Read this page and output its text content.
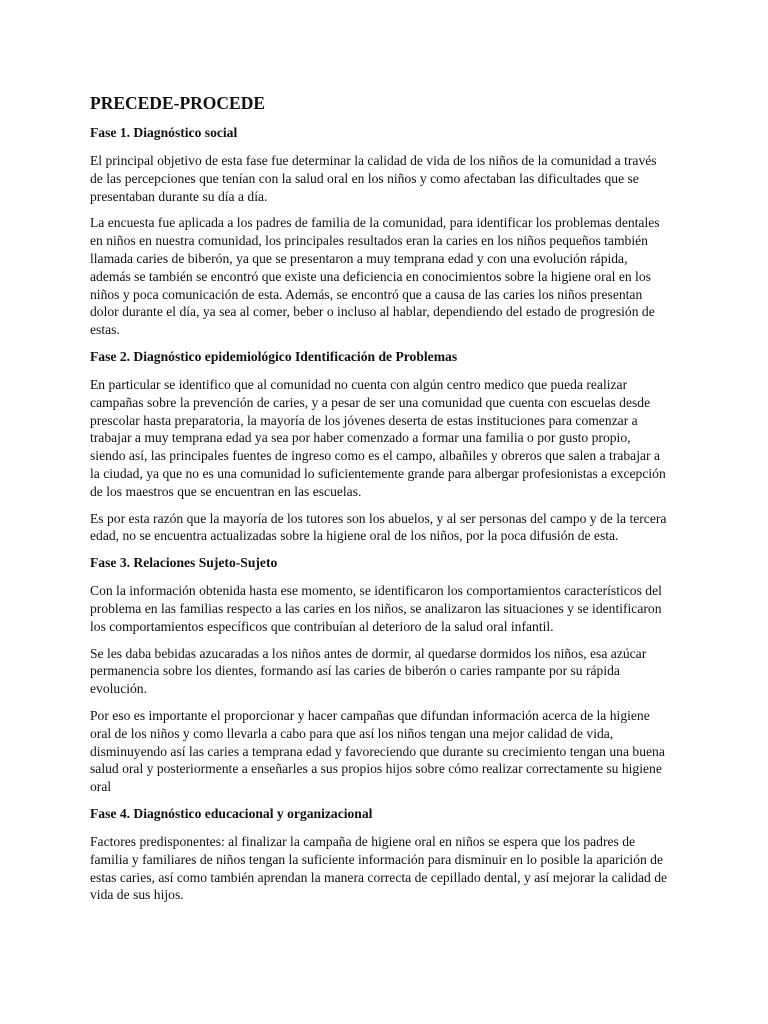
PRECEDE-PROCEDE
Fase 1. Diagnóstico social

El principal objetivo de esta fase fue determinar la calidad de vida de los niños de la comunidad a través
de las percepciones que tenían con la salud oral en los niños y como afectaban las dificultades que se
presentaban durante su día a día.

La encuesta fue aplicada a los padres de familia de la comunidad, para identificar los problemas dentales
en niños en nuestra comunidad, los principales resultados eran la caries en los niños pequeños también
llamada caries de biberón, ya que se presentaron a muy temprana edad y con una evolución rápida,
además se también se encontró que existe una deficiencia en conocimientos sobre la higiene oral en los
niños y poca comunicación de esta. Además, se encontró que a causa de las caries los niños presentan
dolor durante el día, ya sea al comer, beber o incluso al hablar, dependiendo del estado de progresión de
estas.

Fase 2. Diagnóstico epidemiológico Identificación de Problemas

En particular se identifico que al comunidad no cuenta con algún centro medico que pueda realizar
campañas sobre la prevención de caries, y a pesar de ser una comunidad que cuenta con escuelas desde
prescolar hasta preparatoria, la mayoría de los jóvenes deserta de estas instituciones para comenzar a
trabajar a muy temprana edad ya sea por haber comenzado a formar una familia o por gusto propio,
siendo así, las principales fuentes de ingreso como es el campo, albañiles y obreros que salen a trabajar a
la ciudad, ya que no es una comunidad lo suficientemente grande para albergar profesionistas a excepción
de los maestros que se encuentran en las escuelas.

Es por esta razón que la mayoría de los tutores son los abuelos, y al ser personas del campo y de la tercera
edad, no se encuentra actualizadas sobre la higiene oral de los niños, por la poca difusión de esta.

Fase 3. Relaciones Sujeto-Sujeto

Con la información obtenida hasta ese momento, se identificaron los comportamientos característicos del
problema en las familias respecto a las caries en los niños, se analizaron las situaciones y se identificaron
los comportamientos específicos que contribuían al deterioro de la salud oral infantil.

Se les daba bebidas azucaradas a los niños antes de dormir, al quedarse dormidos los niños, esa azúcar
permanencia sobre los dientes, formando así las caries de biberón o caries rampante por su rápida
evolución.

Por eso es importante el proporcionar y hacer campañas que difundan información acerca de la higiene
oral de los niños y como llevarla a cabo para que así los niños tengan una mejor calidad de vida,
disminuyendo así las caries a temprana edad y favoreciendo que durante su crecimiento tengan una buena
salud oral y posteriormente a enseñarles a sus propios hijos sobre cómo realizar correctamente su higiene
oral

Fase 4. Diagnóstico educacional y organizacional

Factores predisponentes: al finalizar la campaña de higiene oral en niños se espera que los padres de
familia y familiares de niños tengan la suficiente información para disminuir en lo posible la aparición de
estas caries, así como también aprendan la manera correcta de cepillado dental, y así mejorar la calidad de
vida de sus hijos.
